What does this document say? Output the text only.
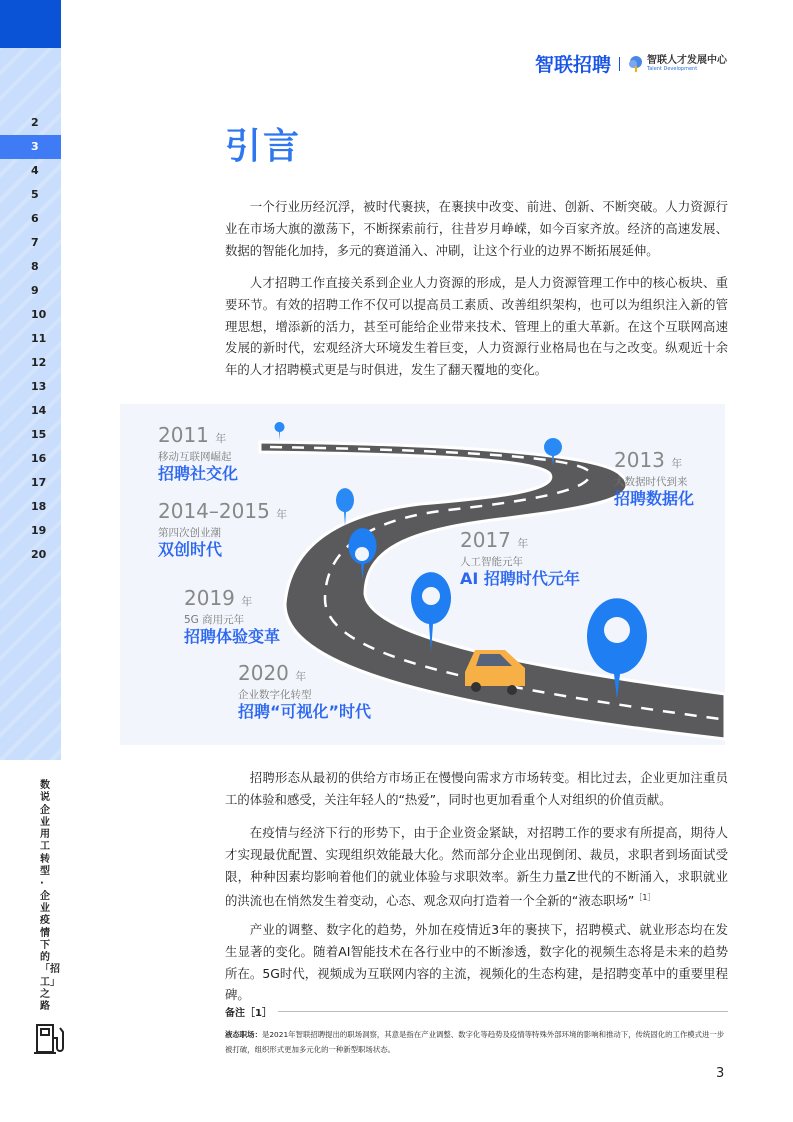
2
3
4
5
6
7
8
9
10
11
12
13
14
15
16
17
18
19
20
数说企业用工转型·企业疫情下的「招工」之路
智联招聘	智联人才发展中心
Talent Development
引言

一个行业历经沉浮，被时代裹挟，在裹挟中改变、前进、创新、不断突破。人力资源行业在市场大旗的激荡下，不断探索前行，往昔岁月峥嵘，如今百家齐放。经济的高速发展、数据的智能化加持，多元的赛道涌入、冲刷，让这个行业的边界不断拓展延伸。

人才招聘工作直接关系到企业人力资源的形成，是人力资源管理工作中的核心板块、重要环节。有效的招聘工作不仅可以提高员工素质、改善组织架构，也可以为组织注入新的管理思想，增添新的活力，甚至可能给企业带来技术、管理上的重大革新。在这个互联网高速发展的新时代，宏观经济大环境发生着巨变，人力资源行业格局也在与之改变。纵观近十余年的人才招聘模式更是与时俱进，发生了翻天覆地的变化。

2011 年
移动互联网崛起
招聘社交化
2013 年
大数据时代到来
招聘数据化
2014–2015 年
第四次创业潮
双创时代	2017 年
人工智能元年
AI 招聘时代元年
2019 年
5G 商用元年
招聘体验变革
2020 年
企业数字化转型
招聘“可视化”时代

招聘形态从最初的供给方市场正在慢慢向需求方市场转变。相比过去，企业更加注重员工的体验和感受，关注年轻人的“热爱”，同时也更加看重个人对组织的价值贡献。

在疫情与经济下行的形势下，由于企业资金紧缺，对招聘工作的要求有所提高，期待人才实现最优配置、实现组织效能最大化。然而部分企业出现倒闭、裁员，求职者到场面试受限，种种因素均影响着他们的就业体验与求职效率。新生力量Z世代的不断涌入，求职就业的洪流也在悄然发生着变动，心态、观念双向打造着一个全新的“液态职场”$^{[1]}$

产业的调整、数字化的趋势，外加在疫情近3年的裹挟下，招聘模式、就业形态均在发生显著的变化。随着AI智能技术在各行业中的不断渗透，数字化的视频生态将是未来的趋势所在。5G时代，视频成为互联网内容的主流，视频化的生态构建，是招聘变革中的重要里程碑。

备注［1］
液态职场：是2021年智联招聘提出的职场洞察，其意是指在产业调整、数字化等趋势及疫情等特殊外部环境的影响和推动下，传统固化的工作模式进一步被打破，组织形式更加多元化的一种新型职场状态。
3
